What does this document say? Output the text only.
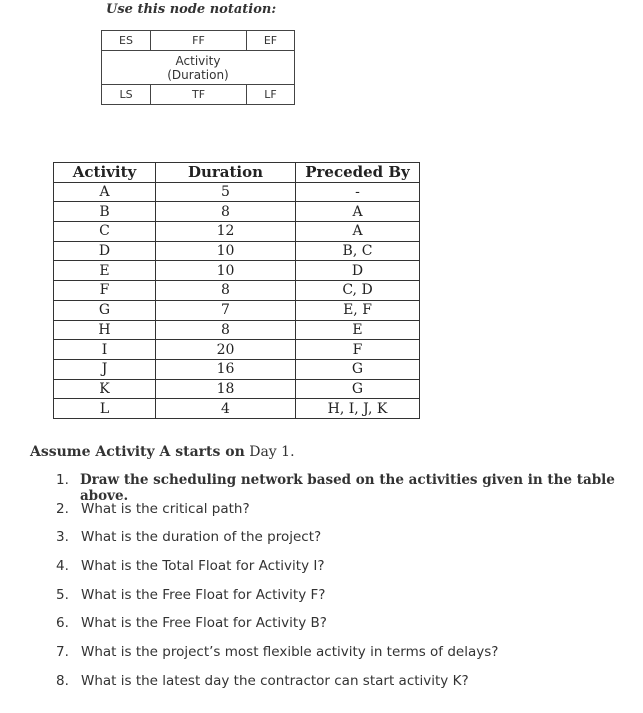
Use this node notation:
ES	FF	EF
Activity
(Duration)
LS	TF	LF
Activity	Duration	Preceded By
A	5	-
B	8	A
C	12	A
D	10	B, C
E	10	D
F	8	C, D
G	7	E, F
H	8	E
I	20	F
J	16	G
K	18	G
L	4	H, I, J, K
Assume Activity A starts on Day 1.
1. Draw the scheduling network based on the activities given in the table above.
2. What is the critical path?
3. What is the duration of the project?
4. What is the Total Float for Activity I?
5. What is the Free Float for Activity F?
6. What is the Free Float for Activity B?
7. What is the project’s most flexible activity in terms of delays?
8. What is the latest day the contractor can start activity K?
